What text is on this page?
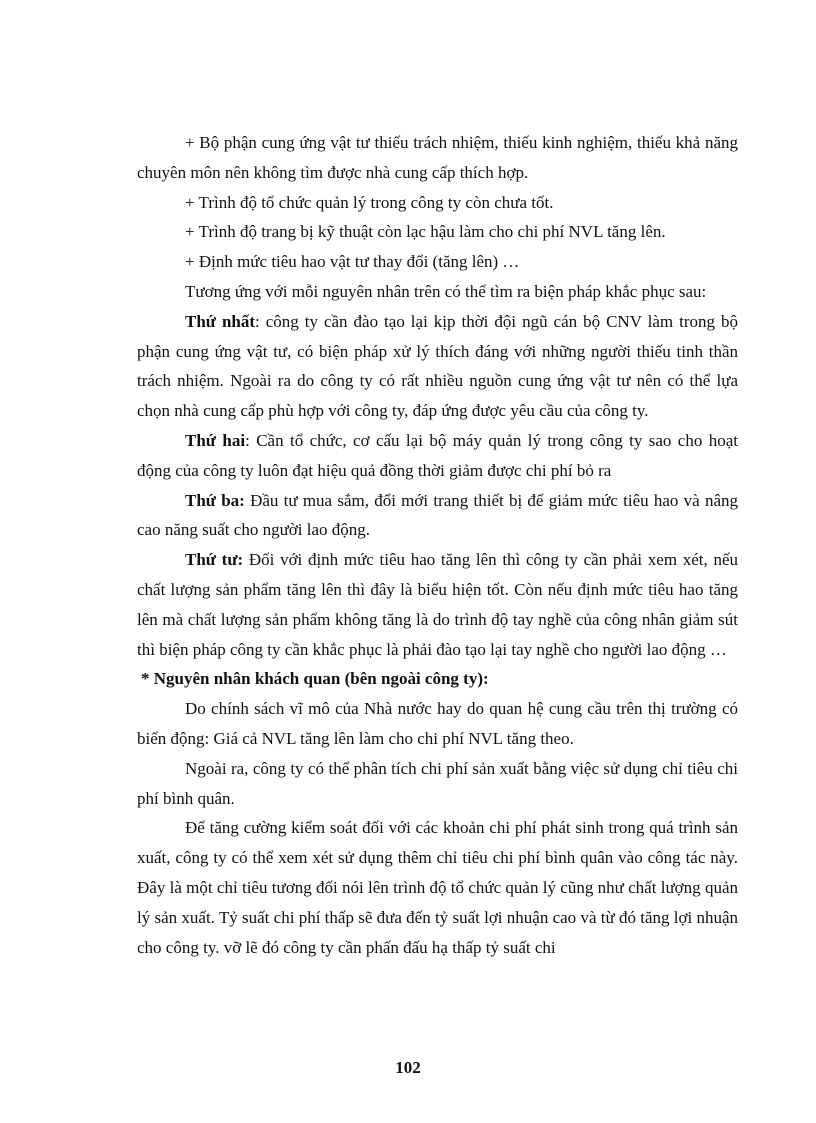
+ Bộ phận cung ứng vật tư thiếu trách nhiệm, thiếu kinh nghiệm, thiếu khả năng chuyên môn nên không tìm được nhà cung cấp thích hợp.

+ Trình độ tổ chức quản lý trong công ty còn chưa tốt.

+ Trình độ trang bị kỹ thuật còn lạc hậu làm cho chi phí NVL tăng lên.

+ Định mức tiêu hao vật tư thay đổi (tăng lên) …

Tương ứng với mỗi nguyên nhân trên có thể tìm ra biện pháp khắc phục sau:

Thứ nhất: công ty cần đào tạo lại kịp thời đội ngũ cán bộ CNV làm trong bộ phận cung ứng vật tư, có biện pháp xử lý thích đáng với những người thiếu tinh thần trách nhiệm. Ngoài ra do công ty có rất nhiều nguồn cung ứng vật tư nên có thể lựa chọn nhà cung cấp phù hợp với công ty, đáp ứng được yêu cầu của công ty.

Thứ hai: Cần tổ chức, cơ cấu lại bộ máy quản lý trong công ty sao cho hoạt động của công ty luôn đạt hiệu quả đồng thời giảm được chi phí bỏ ra

Thứ ba: Đầu tư mua sắm, đổi mới trang thiết bị để giảm mức tiêu hao và nâng cao năng suất cho người lao động.

Thứ tư: Đối với định mức tiêu hao tăng lên thì công ty cần phải xem xét, nếu chất lượng sản phẩm tăng lên thì đây là biểu hiện tốt. Còn nếu định mức tiêu hao tăng lên mà chất lượng sản phẩm không tăng là do trình độ tay nghề của công nhân giảm sút thì biện pháp công ty cần khắc phục là phải đào tạo lại tay nghề cho người lao động …

* Nguyên nhân khách quan (bên ngoài công ty):

Do chính sách vĩ mô của Nhà nước hay do quan hệ cung cầu trên thị trường có biến động: Giá cả NVL tăng lên làm cho chi phí NVL tăng theo.

Ngoài ra, công ty có thể phân tích chi phí sản xuất bằng việc sử dụng chỉ tiêu chi phí bình quân.

Để tăng cường kiểm soát đối với các khoản chi phí phát sinh trong quá trình sản xuất, công ty có thể xem xét sử dụng thêm chỉ tiêu chi phí bình quân vào công tác này. Đây là một chỉ tiêu tương đối nói lên trình độ tổ chức quản lý cũng như chất lượng quản lý sản xuất. Tỷ suất chi phí thấp sẽ đưa đến tỷ suất lợi nhuận cao và từ đó tăng lợi nhuận cho công ty. vỡ lẽ đó công ty cần phấn đấu hạ thấp tỷ suất chi

102
